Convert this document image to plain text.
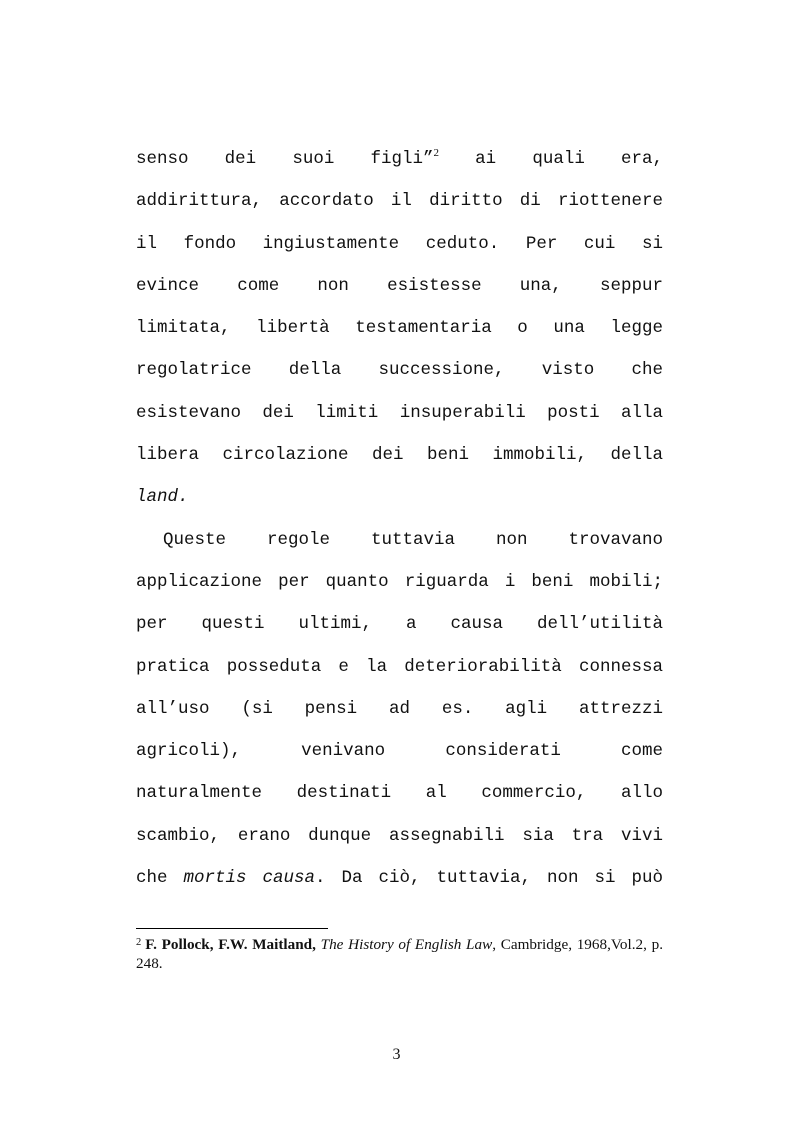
senso dei suoi figli”$^2$ ai quali era,
addirittura, accordato il diritto di riottenere
il fondo ingiustamente ceduto. Per cui si
evince come non esistesse una, seppur
limitata, libertà testamentaria o una legge
regolatrice della successione, visto che
esistevano dei limiti insuperabili posti alla
libera circolazione dei beni immobili, della
land.
Queste regole tuttavia non trovavano
applicazione per quanto riguarda i beni mobili;
per questi ultimi, a causa dell’utilità
pratica posseduta e la deteriorabilità connessa
all’uso (si pensi ad es. agli attrezzi
agricoli), venivano considerati come
naturalmente destinati al commercio, allo
scambio, erano dunque assegnabili sia tra vivi
che mortis causa. Da ciò, tuttavia, non si può
$^2$ F. Pollock, F.W. Maitland, The History of English Law, Cambridge, 1968,Vol.2, p. 248.
3
